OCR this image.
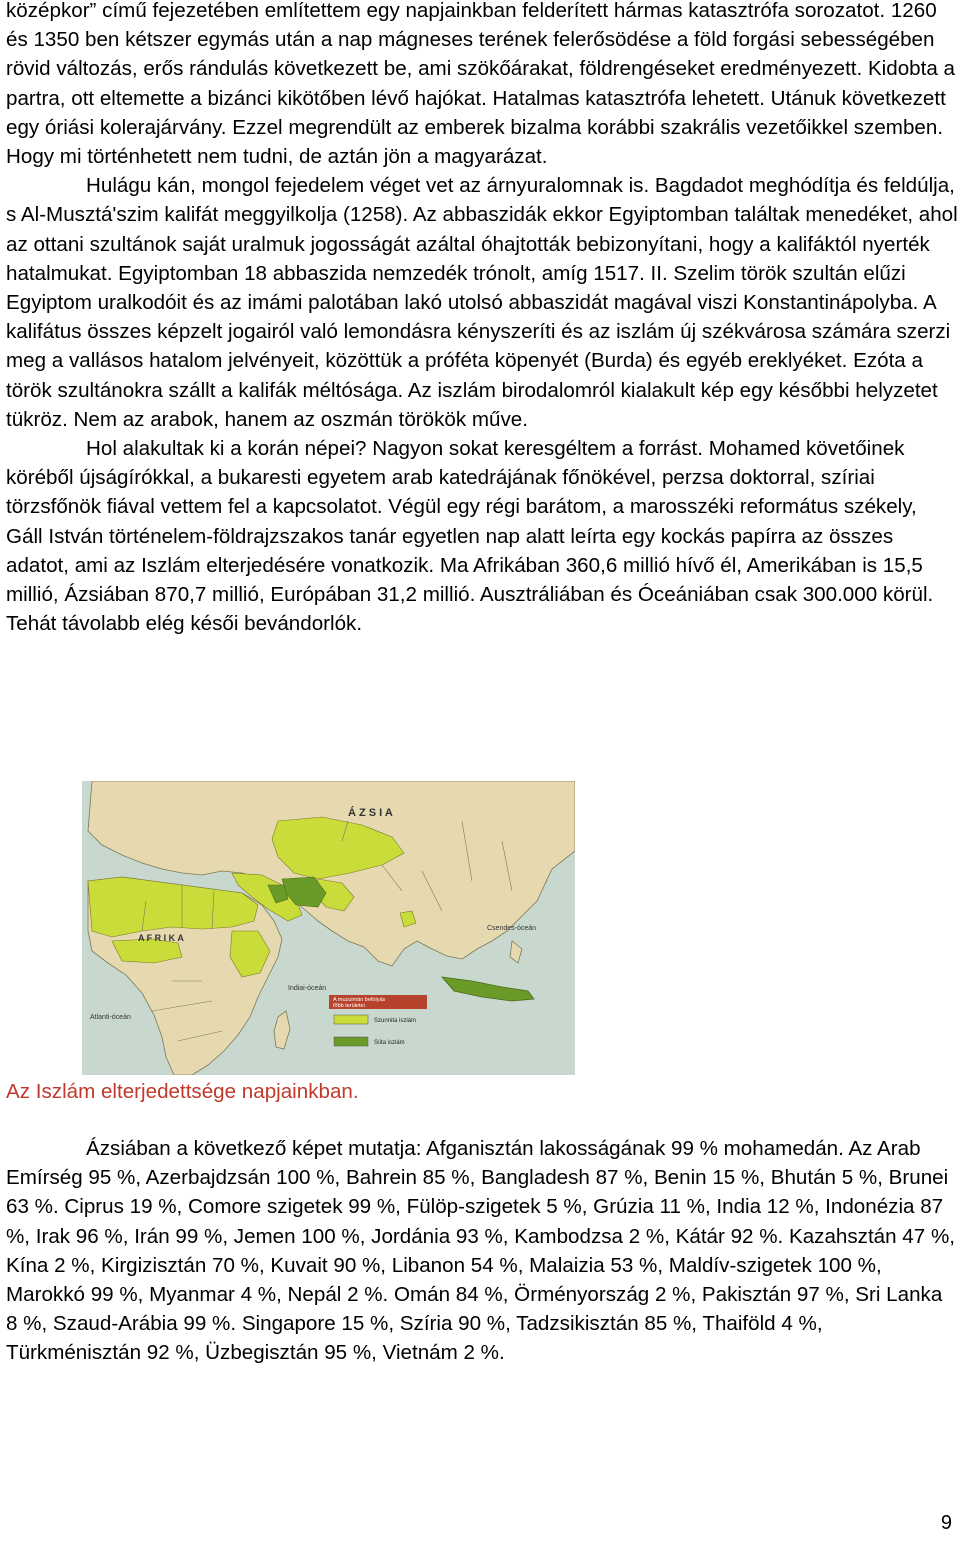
középkor” című fejezetében említettem egy napjainkban felderített hármas katasztrófa sorozatot. 1260 és 1350 ben kétszer egymás után a nap mágneses terének felerősödése a föld forgási sebességében rövid változás, erős rándulás következett be, ami szökőárakat, földrengéseket eredményezett. Kidobta a partra, ott eltemette a bizánci kikötőben lévő hajókat. Hatalmas katasztrófa lehetett. Utánuk következett egy óriási kolerajárvány. Ezzel megrendült az emberek bizalma korábbi szakrális vezetőikkel szemben. Hogy mi történhetett nem tudni, de aztán jön a magyarázat.

Hulágu kán, mongol fejedelem véget vet az árnyuralomnak is. Bagdadot meghódítja és feldúlja, s Al-Musztá'szim kalifát meggyilkolja (1258). Az abbaszidák ekkor Egyiptomban találtak menedéket, ahol az ottani szultánok saját uralmuk jogosságát azáltal óhajtották bebizonyítani, hogy a kalifáktól nyerték hatalmukat. Egyiptomban 18 abbaszida nemzedék trónolt, amíg 1517. II. Szelim török szultán elűzi Egyiptom uralkodóit és az imámi palotában lakó utolsó abbaszidát magával viszi Konstantinápolyba. A kalifátus összes képzelt jogairól való lemondásra kényszeríti és az iszlám új székvárosa számára szerzi meg a vallásos hatalom jelvényeit, közöttük a próféta köpenyét (Burda) és egyéb ereklyéket. Ezóta a török szultánokra szállt a kalifák méltósága. Az iszlám birodalomról kialakult kép egy későbbi helyzetet tükröz. Nem az arabok, hanem az oszmán törökök műve.

Hol alakultak ki a korán népei? Nagyon sokat keresgéltem a forrást. Mohamed követőinek köréből újságírókkal, a bukaresti egyetem arab katedrájának főnökével, perzsa doktorral, szíriai törzsfőnök fiával vettem fel a kapcsolatot. Végül egy régi barátom, a marosszéki református székely, Gáll István történelem-földrajzszakos tanár egyetlen nap alatt leírta egy kockás papírra az összes adatot, ami az Iszlám elterjedésére vonatkozik. Ma Afrikában 360,6 millió hívő él, Amerikában is 15,5 millió, Ázsiában 870,7 millió, Európában 31,2 millió. Ausztráliában és Óceániában csak 300.000 körül. Tehát távolabb elég késői bevándorlók.

Á Z S I A
A F R I K A
Csendes-óceán
Indiai-óceán
Atlanti-óceán
A muzulmán befolyás
főbb területei
Szunnita iszlám
Síita iszlám
Az Iszlám elterjedettsége napjainkban.

Ázsiában a következő képet mutatja: Afganisztán lakosságának 99 % mohamedán. Az Arab Emírség 95 %, Azerbajdzsán 100 %, Bahrein 85 %, Bangladesh 87 %, Benin 15 %, Bhután 5 %, Brunei 63 %. Ciprus 19 %, Comore szigetek 99 %, Fülöp-szigetek 5 %, Grúzia 11 %, India 12 %, Indonézia 87 %, Irak 96 %, Irán 99 %, Jemen 100 %, Jordánia 93 %, Kambodzsa 2 %, Kátár 92 %. Kazahsztán 47 %, Kína 2 %, Kirgizisztán 70 %, Kuvait 90 %, Libanon 54 %, Malaizia 53 %, Maldív-szigetek 100 %, Marokkó 99 %, Myanmar 4 %, Nepál 2 %. Omán 84 %, Örményország 2 %, Pakisztán 97 %, Sri Lanka 8 %, Szaud-Arábia 99 %. Singapore 15 %, Szíria 90 %, Tadzsikisztán 85 %, Thaiföld 4 %, Türkménisztán 92 %, Üzbegisztán 95 %, Vietnám 2 %.

9
